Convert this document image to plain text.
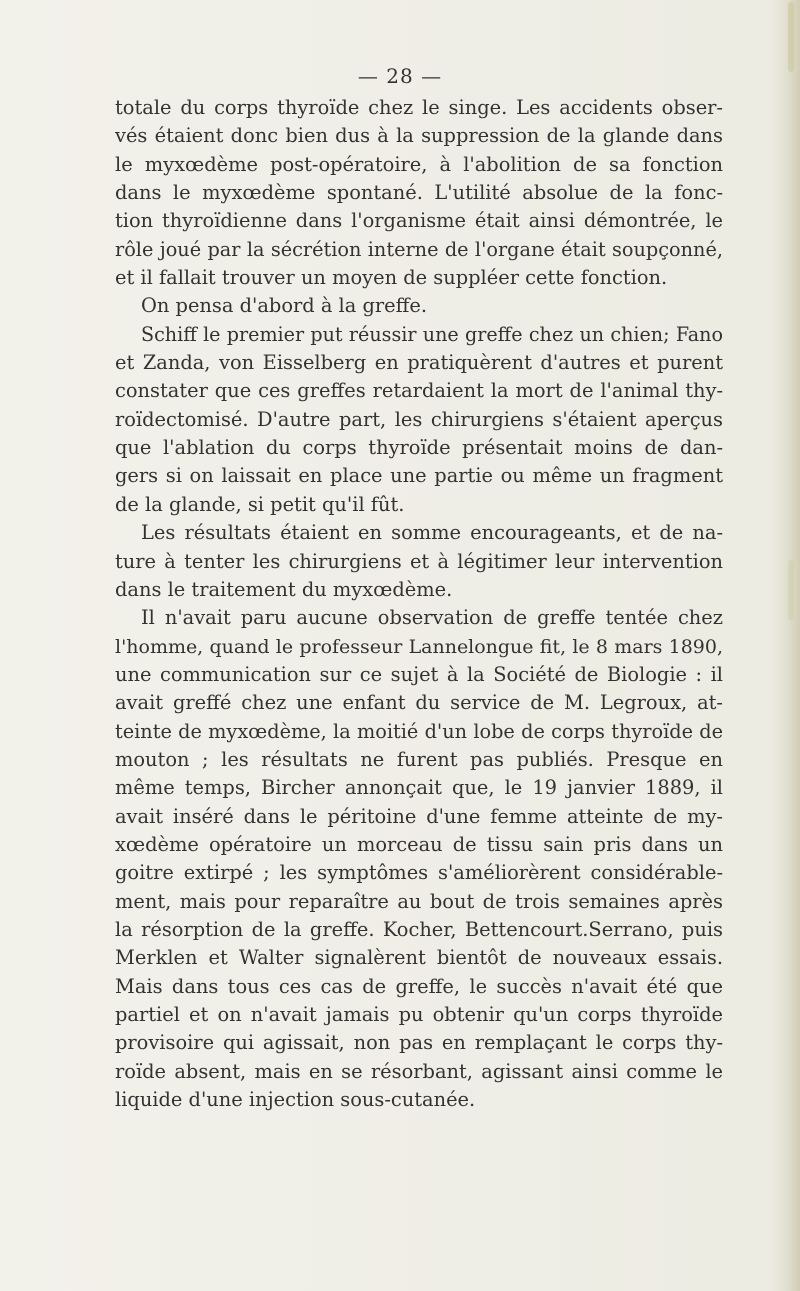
— 28 —

totale du corps thyroïde chez le singe. Les accidents obser-
vés étaient donc bien dus à la suppression de la glande dans
le myxœdème post-opératoire, à l'abolition de sa fonction
dans le myxœdème spontané. L'utilité absolue de la fonc-
tion thyroïdienne dans l'organisme était ainsi démontrée, le
rôle joué par la sécrétion interne de l'organe était soupçonné,
et il fallait trouver un moyen de suppléer cette fonction.

On pensa d'abord à la greffe.

Schiff le premier put réussir une greffe chez un chien; Fano
et Zanda, von Eisselberg en pratiquèrent d'autres et purent
constater que ces greffes retardaient la mort de l'animal thy-
roïdectomisé. D'autre part, les chirurgiens s'étaient aperçus
que l'ablation du corps thyroïde présentait moins de dan-
gers si on laissait en place une partie ou même un fragment
de la glande, si petit qu'il fût.

Les résultats étaient en somme encourageants, et de na-
ture à tenter les chirurgiens et à légitimer leur intervention
dans le traitement du myxœdème.

Il n'avait paru aucune observation de greffe tentée chez
l'homme, quand le professeur Lannelongue fit, le 8 mars 1890,
une communication sur ce sujet à la Société de Biologie : il
avait greffé chez une enfant du service de M. Legroux, at-
teinte de myxœdème, la moitié d'un lobe de corps thyroïde de
mouton ; les résultats ne furent pas publiés. Presque en
même temps, Bircher annonçait que, le 19 janvier 1889, il
avait inséré dans le péritoine d'une femme atteinte de my-
xœdème opératoire un morceau de tissu sain pris dans un
goitre extirpé ; les symptômes s'améliorèrent considérable-
ment, mais pour reparaître au bout de trois semaines après
la résorption de la greffe. Kocher, Bettencourt.Serrano, puis
Merklen et Walter signalèrent bientôt de nouveaux essais.
Mais dans tous ces cas de greffe, le succès n'avait été que
partiel et on n'avait jamais pu obtenir qu'un corps thyroïde
provisoire qui agissait, non pas en remplaçant le corps thy-
roïde absent, mais en se résorbant, agissant ainsi comme le
liquide d'une injection sous-cutanée.
